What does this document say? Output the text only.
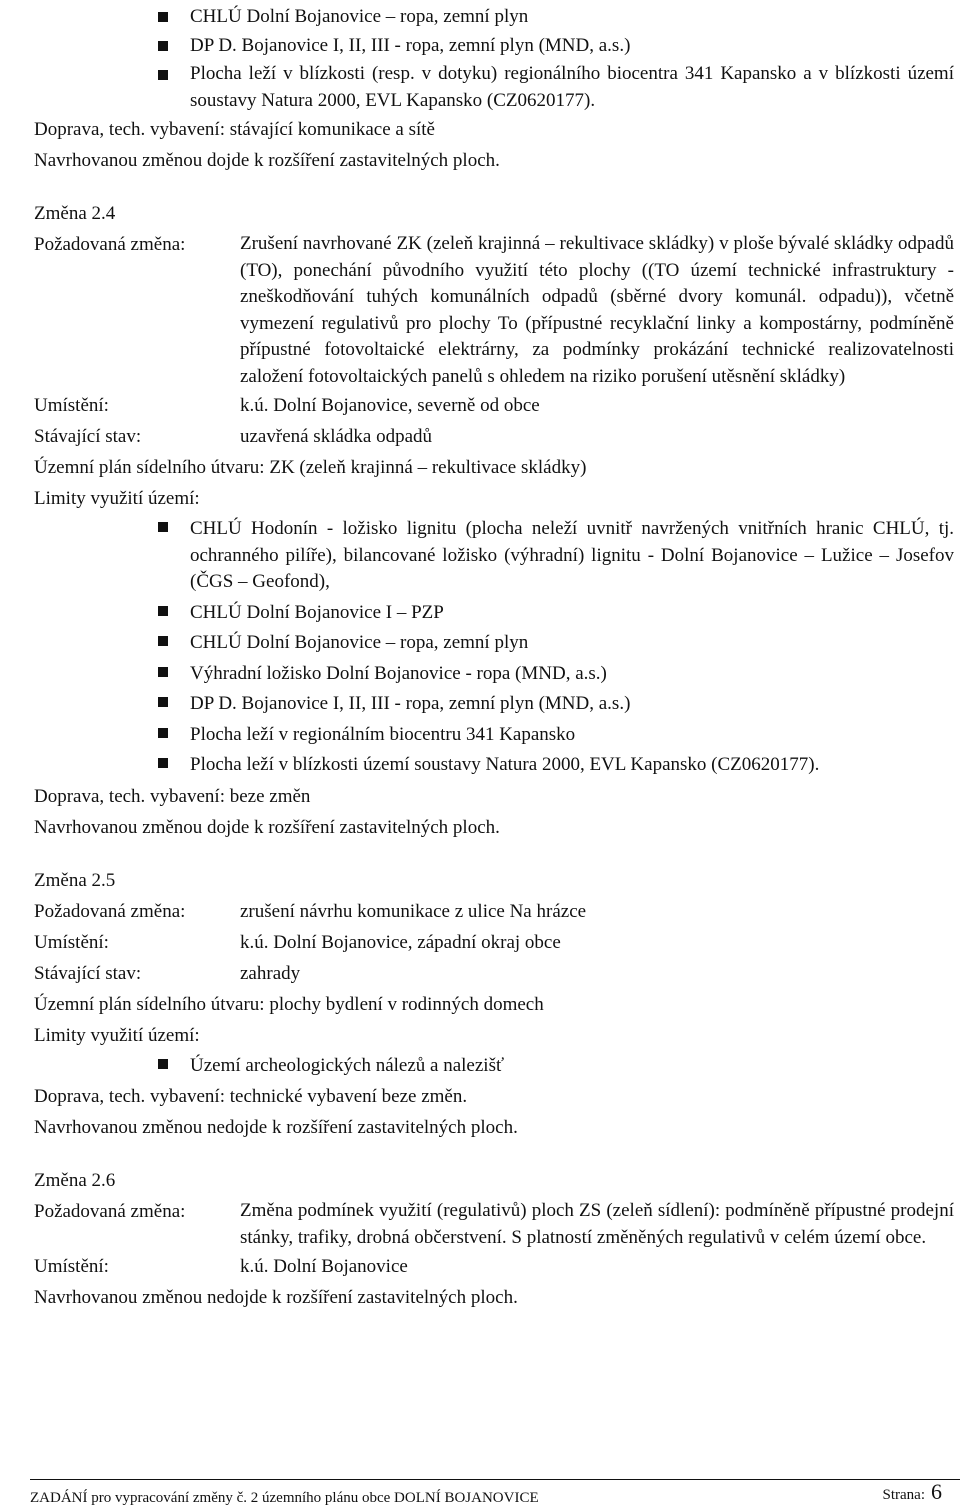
CHLÚ Dolní Bojanovice – ropa, zemní plyn
DP D. Bojanovice I, II, III - ropa, zemní plyn (MND, a.s.)
Plocha leží v blízkosti (resp. v dotyku) regionálního biocentra 341 Kapansko a v blízkosti území soustavy Natura 2000, EVL Kapansko (CZ0620177).
Doprava, tech. vybavení: stávající komunikace a sítě
Navrhovanou změnou dojde k rozšíření zastavitelných ploch.
Změna 2.4
Požadovaná změna:	Zrušení navrhované ZK (zeleň krajinná – rekultivace skládky) v ploše bývalé skládky odpadů (TO), ponechání původního využití této plochy ((TO území technické infrastruktury - zneškodňování tuhých komunálních odpadů (sběrné dvory komunál. odpadu)), včetně vymezení regulativů pro plochy To (přípustné recyklační linky a kompostárny, podmíněně přípustné fotovoltaické elektrárny, za podmínky prokázání technické realizovatelnosti založení fotovoltaických panelů s ohledem na riziko porušení utěsnění skládky)
Umístění:	k.ú. Dolní Bojanovice, severně od obce
Stávající stav:	uzavřená skládka odpadů
Územní plán sídelního útvaru: ZK (zeleň krajinná – rekultivace skládky)
Limity využití území:
CHLÚ Hodonín - ložisko lignitu (plocha neleží uvnitř navržených vnitřních hranic CHLÚ, tj. ochranného pilíře), bilancované ložisko (výhradní) lignitu - Dolní Bojanovice – Lužice – Josefov (ČGS – Geofond),
CHLÚ Dolní Bojanovice I – PZP
CHLÚ Dolní Bojanovice – ropa, zemní plyn
Výhradní ložisko Dolní Bojanovice - ropa (MND, a.s.)
DP D. Bojanovice I, II, III - ropa, zemní plyn (MND, a.s.)
Plocha leží v regionálním biocentru 341 Kapansko
Plocha leží v blízkosti území soustavy Natura 2000, EVL Kapansko (CZ0620177).
Doprava, tech. vybavení: beze změn
Navrhovanou změnou dojde k rozšíření zastavitelných ploch.
Změna 2.5
Požadovaná změna:	zrušení návrhu komunikace z ulice Na hrázce
Umístění:	k.ú. Dolní Bojanovice, západní okraj obce
Stávající stav:	zahrady
Územní plán sídelního útvaru: plochy bydlení v rodinných domech
Limity využití území:
Území archeologických nálezů a nalezišť
Doprava, tech. vybavení: technické vybavení beze změn.
Navrhovanou změnou nedojde k rozšíření zastavitelných ploch.
Změna 2.6
Požadovaná změna:	Změna podmínek využití (regulativů) ploch ZS (zeleň sídlení): podmíněně přípustné prodejní stánky, trafiky, drobná občerstvení. S platností změněných regulativů v celém území obce.
Umístění:	k.ú. Dolní Bojanovice
Navrhovanou změnou nedojde k rozšíření zastavitelných ploch.
ZADÁNÍ pro vypracování změny č. 2 územního plánu obce DOLNÍ BOJANOVICE	Strana: 6
